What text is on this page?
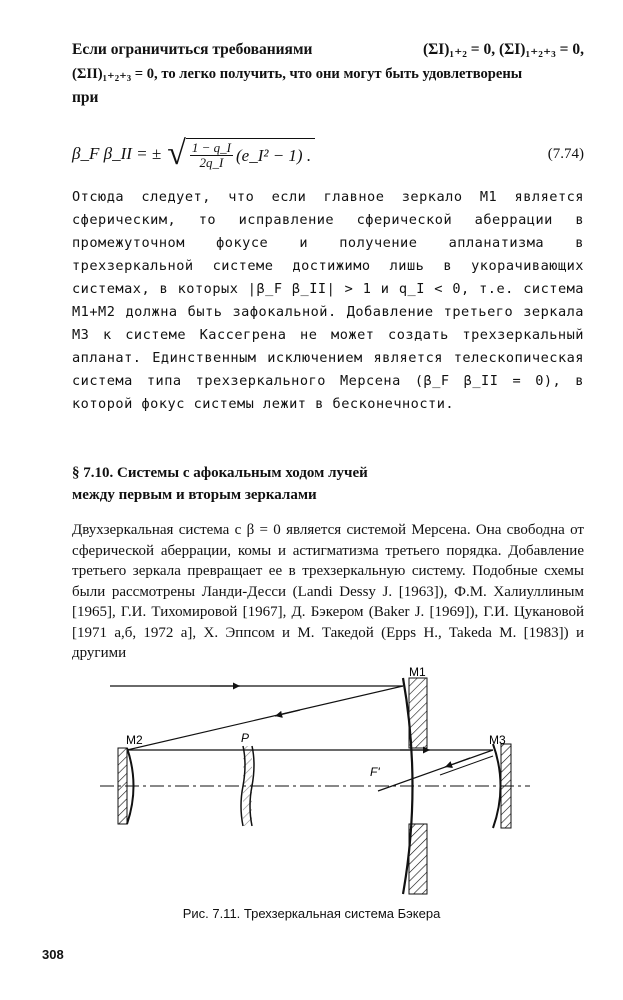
Если ограничиться требованиями	(ΣI)₁₊₂ = 0, (ΣI)₁₊₂₊₃ = 0,

(ΣII)₁₊₂₊₃ = 0, то легко получить, что они могут быть удовлетворены

при

β_F β_II = ± √ $\frac{1 - q\_I}{2q\_I}$ (e_I² − 1) .	(7.74)

Отсюда следует, что если главное зеркало M1 является сферическим, то исправление сферической аберрации в промежуточном фокусе и получение апланатизма в трехзеркальной системе достижимо лишь в укорачивающих системах, в которых |β_F β_II| > 1 и q_I < 0, т.е. система M1+M2 должна быть зафокальной. Добавление третьего зеркала M3 к системе Кассегрена не может создать трехзеркальный апланат. Единственным исключением является телескопическая система типа трехзеркального Мерсена (β_F β_II = 0), в которой фокус системы лежит в бесконечности.

§ 7.10. Системы с афокальным ходом лучей

между первым и вторым зеркалами

Двухзеркальная система с β = 0 является системой Мерсена. Она свободна от сферической аберрации, комы и астигматизма третьего порядка. Добавление третьего зеркала превращает ее в трехзеркальную систему. Подобные схемы были рассмотрены Ланди-Десси (Landi Dessy J. [1963]), Ф.М. Халиуллиным [1965], Г.И. Тихомировой [1967], Д. Бэкером (Baker J. [1969]), Г.И. Цукановой [1971 а,б, 1972 а], Х. Эппсом и М. Такедой (Epps H., Takeda M. [1983]) и другими

M1
M2	M3
P
F'

Рис. 7.11. Трехзеркальная система Бэкера

308
